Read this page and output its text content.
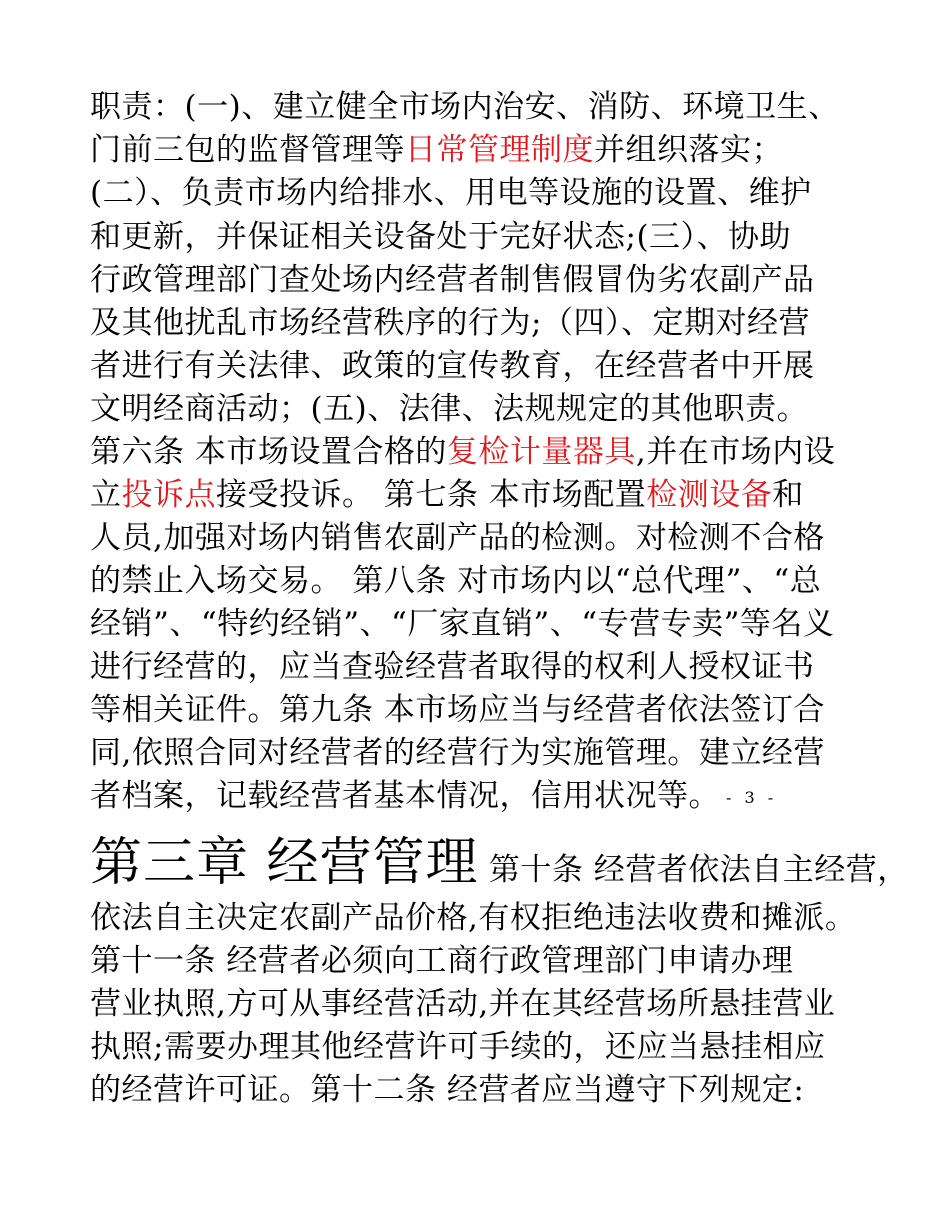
职责：(一)、建立健全市场内治安、消防、环境卫生、
门前三包的监督管理等日常管理制度并组织落实；
(二）、负责市场内给排水、用电等设施的设置、维护
和更新，并保证相关设备处于完好状态;(三）、协助
行政管理部门查处场内经营者制售假冒伪劣农副产品
及其他扰乱市场经营秩序的行为;（四）、定期对经营
者进行有关法律、政策的宣传教育，在经营者中开展
文明经商活动；(五)、法律、法规规定的其他职责。
第六条 本市场设置合格的复检计量器具,并在市场内设
立投诉点接受投诉。 第七条 本市场配置检测设备和
人员,加强对场内销售农副产品的检测。对检测不合格
的禁止入场交易。 第八条 对市场内以“总代理”、“总
经销”、“特约经销”、“厂家直销”、“专营专卖”等名义
进行经营的，应当查验经营者取得的权利人授权证书
等相关证件。第九条 本市场应当与经营者依法签订合
同,依照合同对经营者的经营行为实施管理。建立经营
者档案，记载经营者基本情况，信用状况等。 - 3 -
第三章 经营管理 第十条 经营者依法自主经营，
依法自主决定农副产品价格,有权拒绝违法收费和摊派。
第十一条 经营者必须向工商行政管理部门申请办理
营业执照,方可从事经营活动,并在其经营场所悬挂营业
执照;需要办理其他经营许可手续的，还应当悬挂相应
的经营许可证。第十二条 经营者应当遵守下列规定:
